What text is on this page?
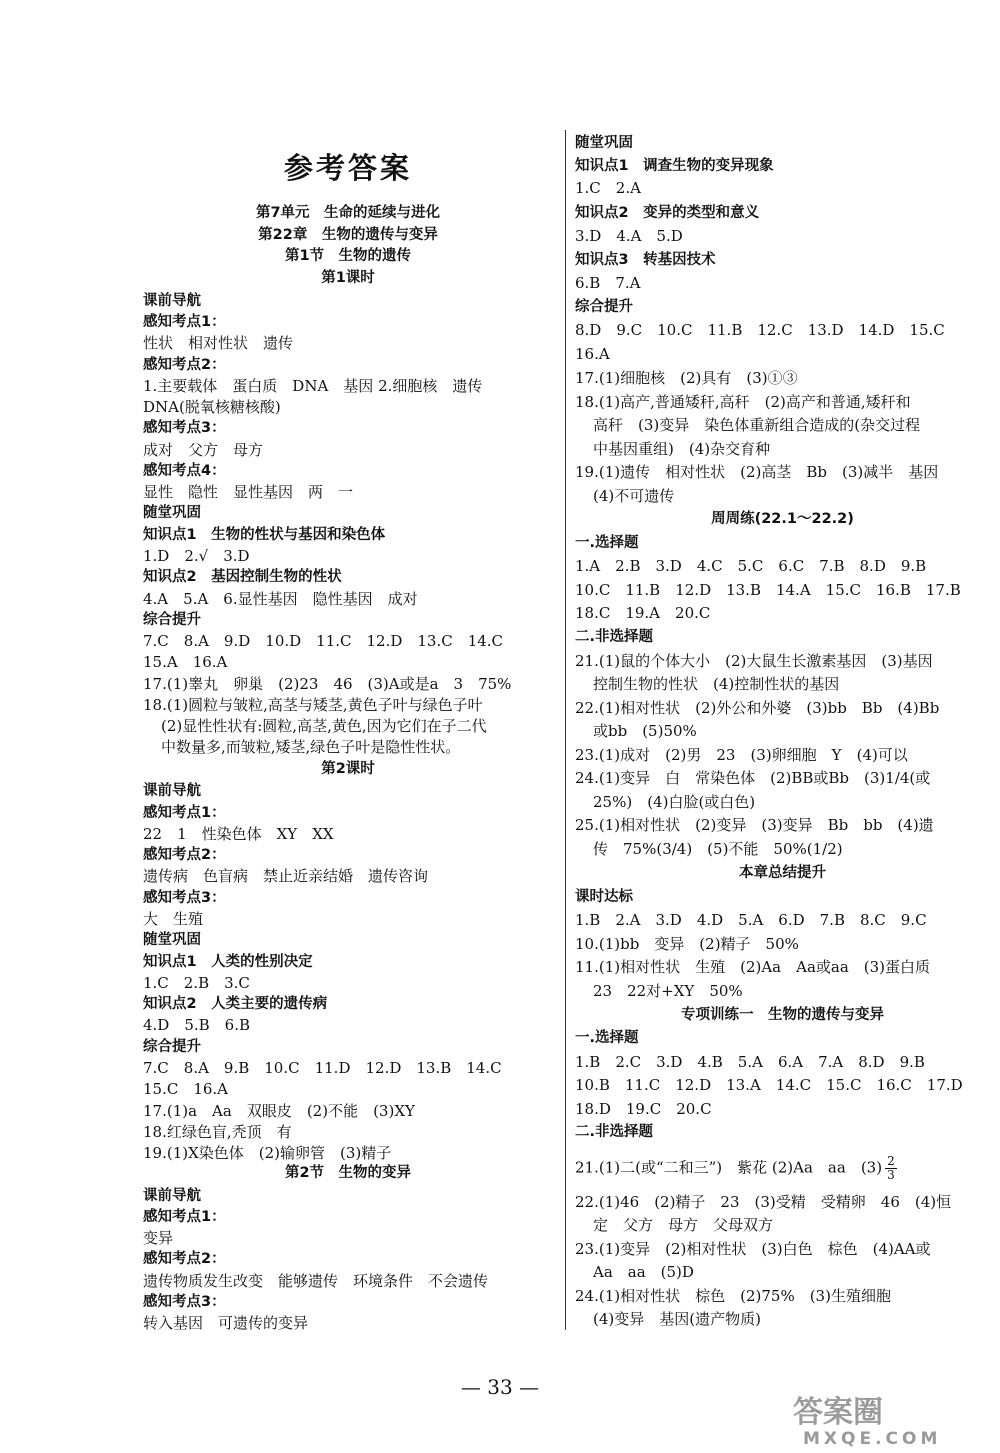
参考答案
第7单元　生命的延续与进化
第22章　生物的遗传与变异
第1节　生物的遗传
第1课时
课前导航
感知考点1：
性状　相对性状　遗传
感知考点2：
1.主要载体　蛋白质　DNA　基因 2.细胞核　遗传
DNA(脱氧核糖核酸)
感知考点3：
成对　父方　母方
感知考点4：
显性　隐性　显性基因　两　一
随堂巩固
知识点1　生物的性状与基因和染色体
1.D　2.√　3.D
知识点2　基因控制生物的性状
4.A　5.A　6.显性基因　隐性基因　成对
综合提升
7.C　8.A　9.D　10.D　11.C　12.D　13.C　14.C
15.A　16.A
17.(1)睾丸　卵巢　(2)23　46　(3)A或是a　3　75%
18.(1)圆粒与皱粒,高茎与矮茎,黄色子叶与绿色子叶
(2)显性性状有:圆粒,高茎,黄色,因为它们在子二代
中数量多,而皱粒,矮茎,绿色子叶是隐性性状。
第2课时
课前导航
感知考点1：
22　1　性染色体　XY　XX
感知考点2：
遗传病　色盲病　禁止近亲结婚　遗传咨询
感知考点3：
大　生殖
随堂巩固
知识点1　人类的性别决定
1.C　2.B　3.C
知识点2　人类主要的遗传病
4.D　5.B　6.B
综合提升
7.C　8.A　9.B　10.C　11.D　12.D　13.B　14.C
15.C　16.A
17.(1)a　Aa　双眼皮　(2)不能　(3)XY
18.红绿色盲,秃顶　有
19.(1)X染色体　(2)输卵管　(3)精子
第2节　生物的变异
课前导航
感知考点1：
变异
感知考点2：
遗传物质发生改变　能够遗传　环境条件　不会遗传
感知考点3：
转入基因　可遗传的变异
21.(1)二(或“二和三”)　紫花 (2)Aa　aa　$(3) \frac{2}{3}$
随堂巩固
知识点1　调查生物的变异现象
1.C　2.A
知识点2　变异的类型和意义
3.D　4.A　5.D
知识点3　转基因技术
6.B　7.A
综合提升
8.D　9.C　10.C　11.B　12.C　13.D　14.D　15.C
16.A
17.(1)细胞核　(2)具有　(3)①③
18.(1)高产,普通矮秆,高秆　(2)高产和普通,矮秆和
高秆　(3)变异　染色体重新组合造成的(杂交过程
中基因重组)　(4)杂交育种
19.(1)遗传　相对性状　(2)高茎　Bb　(3)减半　基因
(4)不可遗传
周周练(22.1～22.2)
一.选择题
1.A　2.B　3.D　4.C　5.C　6.C　7.B　8.D　9.B
10.C　11.B　12.D　13.B　14.A　15.C　16.B　17.B
18.C　19.A　20.C
二.非选择题
21.(1)鼠的个体大小　(2)大鼠生长激素基因　(3)基因
控制生物的性状　(4)控制性状的基因
22.(1)相对性状　(2)外公和外婆　(3)bb　Bb　(4)Bb
或bb　(5)50%
23.(1)成对　(2)男　23　(3)卵细胞　Y　(4)可以
24.(1)变异　白　常染色体　(2)BB或Bb　(3)1/4(或
25%)　(4)白脸(或白色)
25.(1)相对性状　(2)变异　(3)变异　Bb　bb　(4)遗
传　75%(3/4)　(5)不能　50%(1/2)
本章总结提升
课时达标
1.B　2.A　3.D　4.D　5.A　6.D　7.B　8.C　9.C
10.(1)bb　变异　(2)精子　50%
11.(1)相对性状　生殖　(2)Aa　Aa或aa　(3)蛋白质
23　22对+XY　50%
专项训练一　生物的遗传与变异
一.选择题
1.B　2.C　3.D　4.B　5.A　6.A　7.A　8.D　9.B
10.B　11.C　12.D　13.A　14.C　15.C　16.C　17.D
18.D　19.C　20.C
二.非选择题
22.(1)46　(2)精子　23　(3)受精　受精卵　46　(4)恒
定　父方　母方　父母双方
23.(1)变异　(2)相对性状　(3)白色　棕色　(4)AA或
Aa　aa　(5)D
24.(1)相对性状　棕色　(2)75%　(3)生殖细胞
(4)变异　基因(遗产物质)
— 33 —
答案圈
MXQE.COM
